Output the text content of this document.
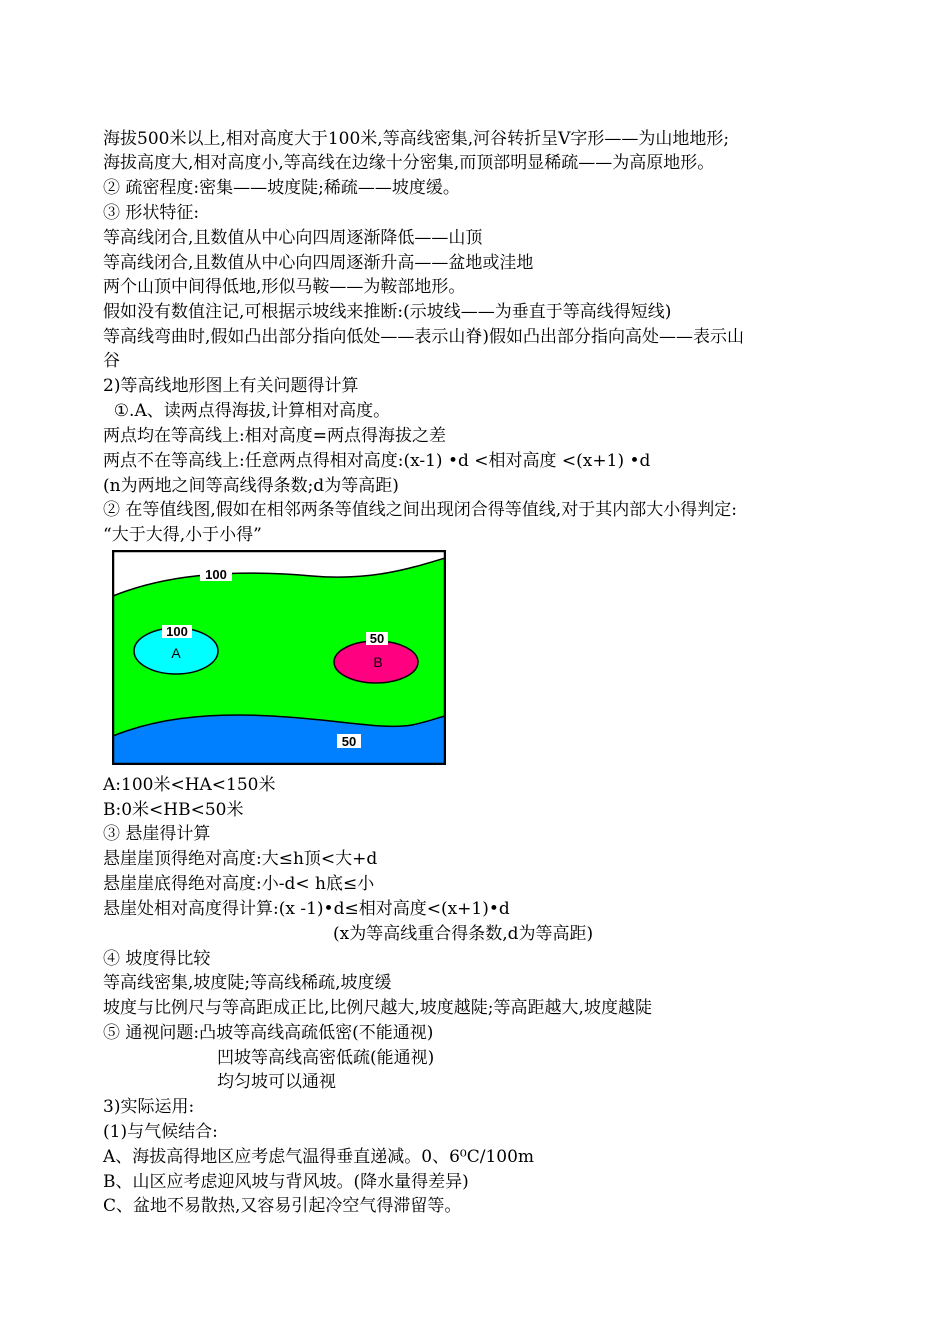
海拔500米以上,相对高度大于100米,等高线密集,河谷转折呈V字形——为山地地形;
海拔高度大,相对高度小,等高线在边缘十分密集,而顶部明显稀疏——为高原地形。
② 疏密程度:密集——坡度陡;稀疏——坡度缓。
③ 形状特征:
等高线闭合,且数值从中心向四周逐渐降低——山顶
等高线闭合,且数值从中心向四周逐渐升高——盆地或洼地
两个山顶中间得低地,形似马鞍——为鞍部地形。
假如没有数值注记,可根据示坡线来推断:(示坡线——为垂直于等高线得短线)
等高线弯曲时,假如凸出部分指向低处——表示山脊)假如凸出部分指向高处——表示山
谷
2)等高线地形图上有关问题得计算
①.A、读两点得海拔,计算相对高度。
两点均在等高线上:相对高度=两点得海拔之差
两点不在等高线上:任意两点得相对高度:(x-1) •d <相对高度 <(x+1) •d
(n为两地之间等高线得条数;d为等高距)
② 在等值线图,假如在相邻两条等值线之间出现闭合得等值线,对于其内部大小得判定:
“大于大得,小于小得”
100
100
A
50
B
50
A:100米<HA<150米
B:0米<HB<50米
③ 悬崖得计算
悬崖崖顶得绝对高度:大≤h顶<大+d
悬崖崖底得绝对高度:小-d< h底≤小
悬崖处相对高度得计算:(x -1)•d≤相对高度<(x+1)•d
(x为等高线重合得条数,d为等高距)
④ 坡度得比较
等高线密集,坡度陡;等高线稀疏,坡度缓
坡度与比例尺与等高距成正比,比例尺越大,坡度越陡;等高距越大,坡度越陡
⑤ 通视问题:凸坡等高线高疏低密(不能通视)
凹坡等高线高密低疏(能通视)
均匀坡可以通视
3)实际运用:
(1)与气候结合:
A、海拔高得地区应考虑气温得垂直递减。0、6⁰C/100m
B、山区应考虑迎风坡与背风坡。(降水量得差异)
C、盆地不易散热,又容易引起冷空气得滞留等。
